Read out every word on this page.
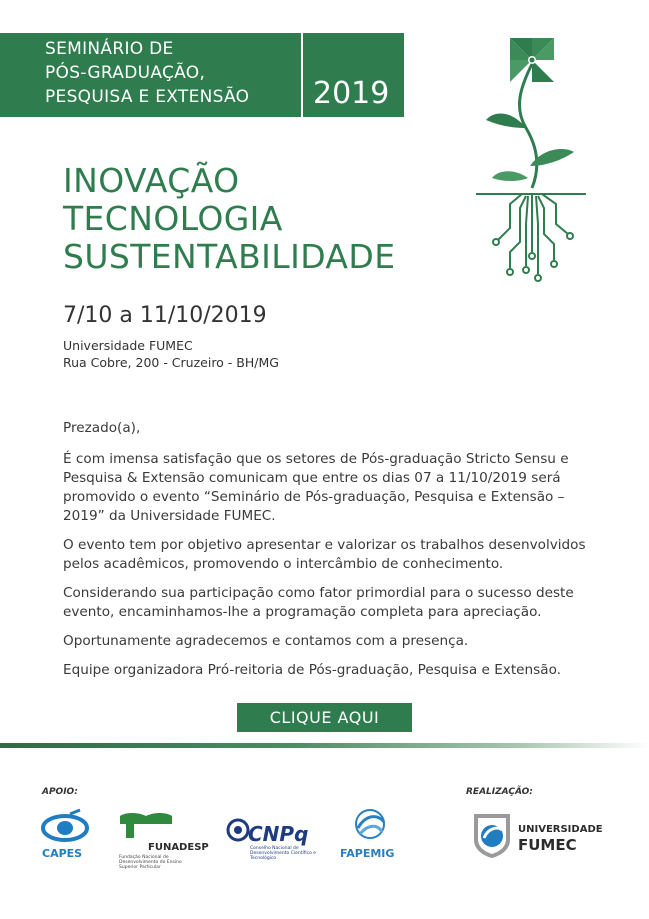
SEMINÁRIO DE
PÓS-GRADUAÇÃO,
PESQUISA E EXTENSÃO 2019
INOVAÇÃO
TECNOLOGIA
SUSTENTABILIDADE
7/10 a 11/10/2019
Universidade FUMEC
Rua Cobre, 200 - Cruzeiro - BH/MG

Prezado(a),

É com imensa satisfação que os setores de Pós-graduação Stricto Sensu e Pesquisa & Extensão comunicam que entre os dias 07 a 11/10/2019 será promovido o evento “Seminário de Pós-graduação, Pesquisa e Extensão – 2019” da Universidade FUMEC.

O evento tem por objetivo apresentar e valorizar os trabalhos desenvolvidos pelos acadêmicos, promovendo o intercâmbio de conhecimento.

Considerando sua participação como fator primordial para o sucesso deste evento, encaminhamos-lhe a programação completa para apreciação.

Oportunamente agradecemos e contamos com a presença.

Equipe organizadora Pró-reitoria de Pós-graduação, Pesquisa e Extensão.

CLIQUE AQUI
APOIO:	REALIZAÇÃO:
CAPES	FUNADESP
Fundação Nacional de Desenvolvimento do Ensino Superior Particular
CNPq
Conselho Nacional de Desenvolvimento Científico e Tecnológico	FAPEMIG
UNIVERSIDADE
FUMEC
